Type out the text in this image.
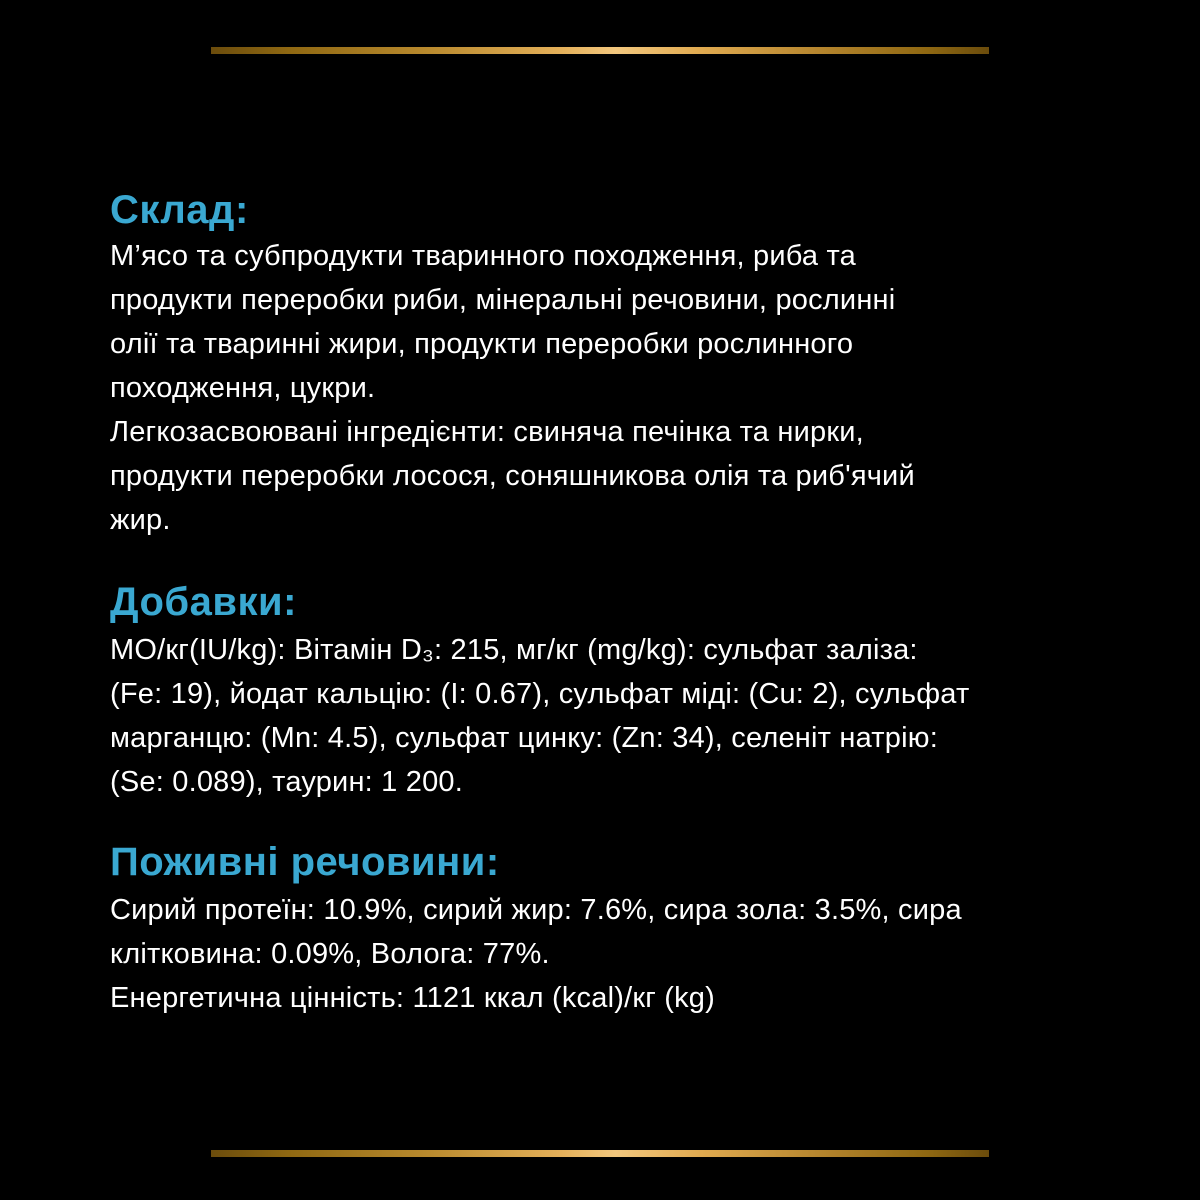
Склад:
М’ясо та субпродукти тваринного походження, риба та
продукти переробки риби, мінеральні речовини, рослинні
олії та тваринні жири, продукти переробки рослинного
походження, цукри.
Легкозасвоювані інгредієнти: свиняча печінка та нирки,
продукти переробки лосося, соняшникова олія та риб'ячий
жир.
Добавки:
МО/кг(IU/kg): Вітамін D₃: 215, мг/кг (mg/kg): сульфат заліза:
(Fe: 19), йодат кальцію: (I: 0.67), сульфат міді: (Cu: 2), сульфат
марганцю: (Mn: 4.5), сульфат цинку: (Zn: 34), селеніт натрію:
(Se: 0.089), таурин: 1 200.
Поживні речовини:
Сирий протеїн: 10.9%, сирий жир: 7.6%, сира зола: 3.5%, сира
клітковина: 0.09%, Волога: 77%.
Енергетична цінність: 1121 ккал (kcal)/кг (kg)
